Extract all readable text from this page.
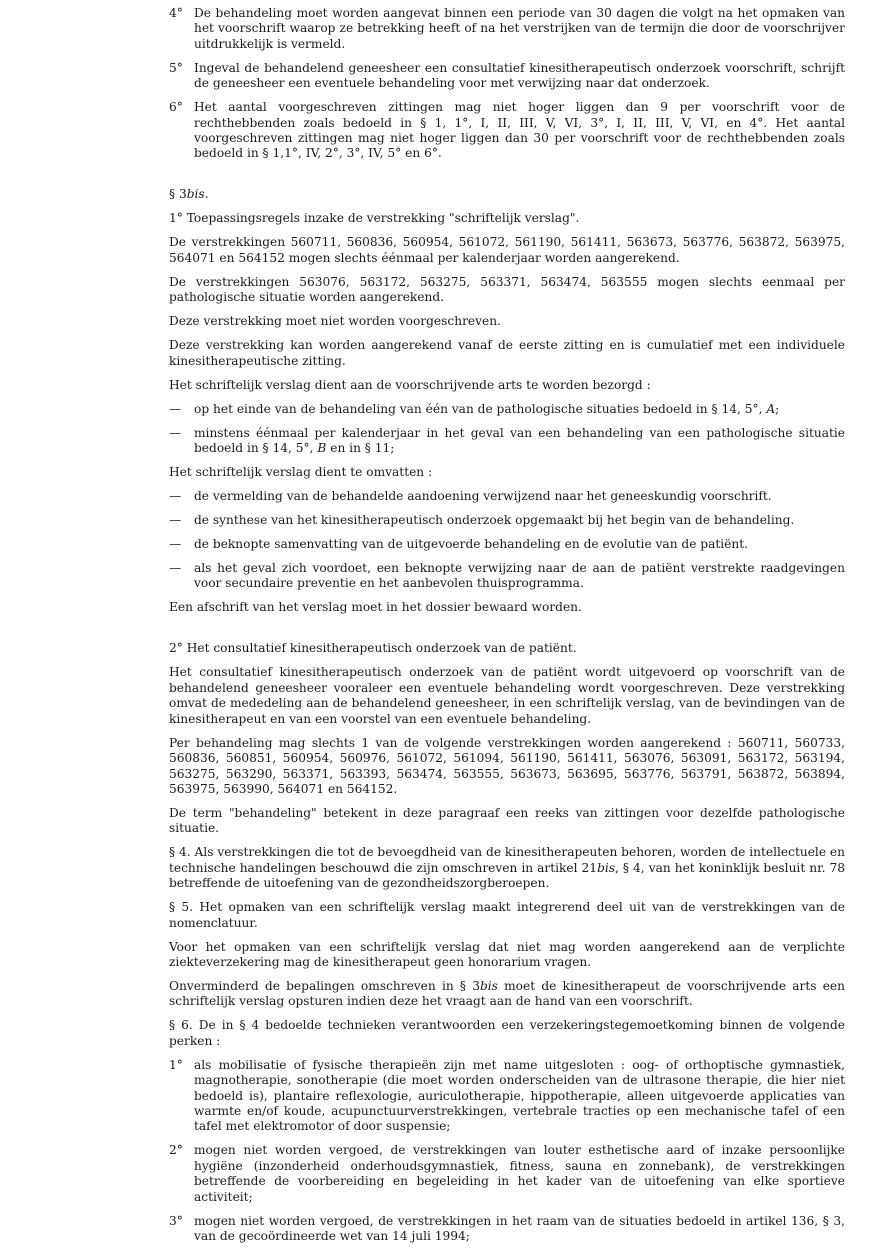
4° De behandeling moet worden aangevat binnen een periode van 30 dagen die volgt na het opmaken van het voorschrift waarop ze betrekking heeft of na het verstrijken van de termijn die door de voorschrijver uitdrukkelijk is vermeld.
5° Ingeval de behandelend geneesheer een consultatief kinesitherapeutisch onderzoek voorschrift, schrijft de geneesheer een eventuele behandeling voor met verwijzing naar dat onderzoek.
6° Het aantal voorgeschreven zittingen mag niet hoger liggen dan 9 per voorschrift voor de rechthebbenden zoals bedoeld in § 1, 1°, I, II, III, V, VI, 3°, I, II, III, V, VI, en 4°. Het aantal voorgeschreven zittingen mag niet hoger liggen dan 30 per voorschrift voor de rechthebbenden zoals bedoeld in § 1,1°, IV, 2°, 3°, IV, 5° en 6°.

§ 3bis.

1° Toepassingsregels inzake de verstrekking "schriftelijk verslag".

De verstrekkingen 560711, 560836, 560954, 561072, 561190, 561411, 563673, 563776, 563872, 563975, 564071 en 564152 mogen slechts éénmaal per kalenderjaar worden aangerekend.

De verstrekkingen 563076, 563172, 563275, 563371, 563474, 563555 mogen slechts eenmaal per pathologische situatie worden aangerekend.

Deze verstrekking moet niet worden voorgeschreven.

Deze verstrekking kan worden aangerekend vanaf de eerste zitting en is cumulatief met een individuele kinesitherapeutische zitting.

Het schriftelijk verslag dient aan de voorschrijvende arts te worden bezorgd :

—	op het einde van de behandeling van één van de pathologische situaties bedoeld in § 14, 5°, A;
—	minstens éénmaal per kalenderjaar in het geval van een behandeling van een pathologische situatie bedoeld in § 14, 5°, B en in § 11;

Het schriftelijk verslag dient te omvatten :

—	de vermelding van de behandelde aandoening verwijzend naar het geneeskundig voorschrift.
—	de synthese van het kinesitherapeutisch onderzoek opgemaakt bij het begin van de behandeling.
—	de beknopte samenvatting van de uitgevoerde behandeling en de evolutie van de patiënt.
—	als het geval zich voordoet, een beknopte verwijzing naar de aan de patiënt verstrekte raadgevingen voor secundaire preventie en het aanbevolen thuisprogramma.

Een afschrift van het verslag moet in het dossier bewaard worden.

2° Het consultatief kinesitherapeutisch onderzoek van de patiënt.

Het consultatief kinesitherapeutisch onderzoek van de patiënt wordt uitgevoerd op voorschrift van de behandelend geneesheer vooraleer een eventuele behandeling wordt voorgeschreven. Deze verstrekking omvat de mededeling aan de behandelend geneesheer, in een schriftelijk verslag, van de bevindingen van de kinesitherapeut en van een voorstel van een eventuele behandeling.

Per behandeling mag slechts 1 van de volgende verstrekkingen worden aangerekend : 560711, 560733, 560836, 560851, 560954, 560976, 561072, 561094, 561190, 561411, 563076, 563091, 563172, 563194, 563275, 563290, 563371, 563393, 563474, 563555, 563673, 563695, 563776, 563791, 563872, 563894, 563975, 563990, 564071 en 564152.

De term "behandeling" betekent in deze paragraaf een reeks van zittingen voor dezelfde pathologische situatie.

§ 4. Als verstrekkingen die tot de bevoegdheid van de kinesitherapeuten behoren, worden de intellectuele en technische handelingen beschouwd die zijn omschreven in artikel 21bis, § 4, van het koninklijk besluit nr. 78 betreffende de uitoefening van de gezondheidszorgberoepen.

§ 5. Het opmaken van een schriftelijk verslag maakt integrerend deel uit van de verstrekkingen van de nomenclatuur.

Voor het opmaken van een schriftelijk verslag dat niet mag worden aangerekend aan de verplichte ziekteverzekering mag de kinesitherapeut geen honorarium vragen.

Onverminderd de bepalingen omschreven in § 3bis moet de kinesitherapeut de voorschrijvende arts een schriftelijk verslag opsturen indien deze het vraagt aan de hand van een voorschrift.

§ 6. De in § 4 bedoelde technieken verantwoorden een verzekeringstegemoetkoming binnen de volgende perken :

1° als mobilisatie of fysische therapieën zijn met name uitgesloten : oog- of orthoptische gymnastiek, magnotherapie, sonotherapie (die moet worden onderscheiden van de ultrasone therapie, die hier niet bedoeld is), plantaire reflexologie, auriculotherapie, hippotherapie, alleen uitgevoerde applicaties van warmte en/of koude, acupunctuurverstrekkingen, vertebrale tracties op een mechanische tafel of een tafel met elektromotor of door suspensie;
2° mogen niet worden vergoed, de verstrekkingen van louter esthetische aard of inzake persoonlijke hygiëne (inzonderheid onderhoudsgymnastiek, fitness, sauna en zonnebank), de verstrekkingen betreffende de voorbereiding en begeleiding in het kader van de uitoefening van elke sportieve activiteit;
3° mogen niet worden vergoed, de verstrekkingen in het raam van de situaties bedoeld in artikel 136, § 3, van de gecoördineerde wet van 14 juli 1994;
